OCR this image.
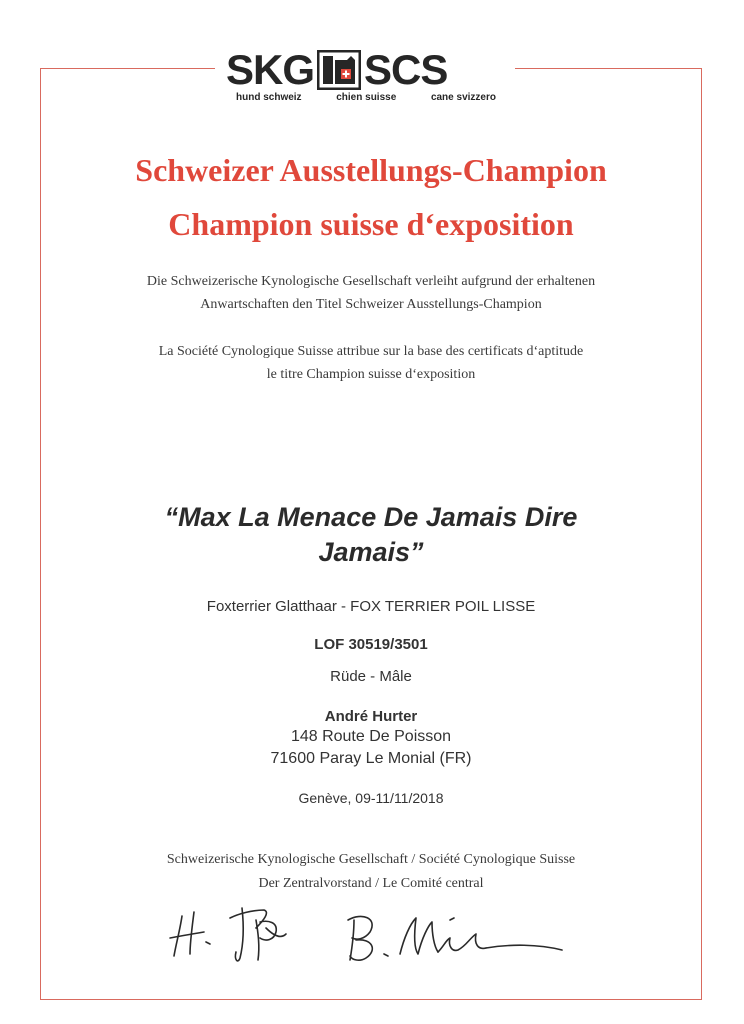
SKG SCS
hund schweiz	chien suisse	cane svizzero
Schweizer Ausstellungs-Champion
Champion suisse d‘exposition
Die Schweizerische Kynologische Gesellschaft verleiht aufgrund der erhaltenen
Anwartschaften den Titel Schweizer Ausstellungs-Champion
La Société Cynologique Suisse attribue sur la base des certificats d‘aptitude
le titre Champion suisse d‘exposition
“Max La Menace De Jamais Dire
Jamais”
Foxterrier Glatthaar - FOX TERRIER POIL LISSE
LOF 30519/3501
Rüde - Mâle
André Hurter
148 Route De Poisson
71600 Paray Le Monial (FR)
Genève, 09-11/11/2018
Schweizerische Kynologische Gesellschaft / Société Cynologique Suisse
Der Zentralvorstand / Le Comité central
